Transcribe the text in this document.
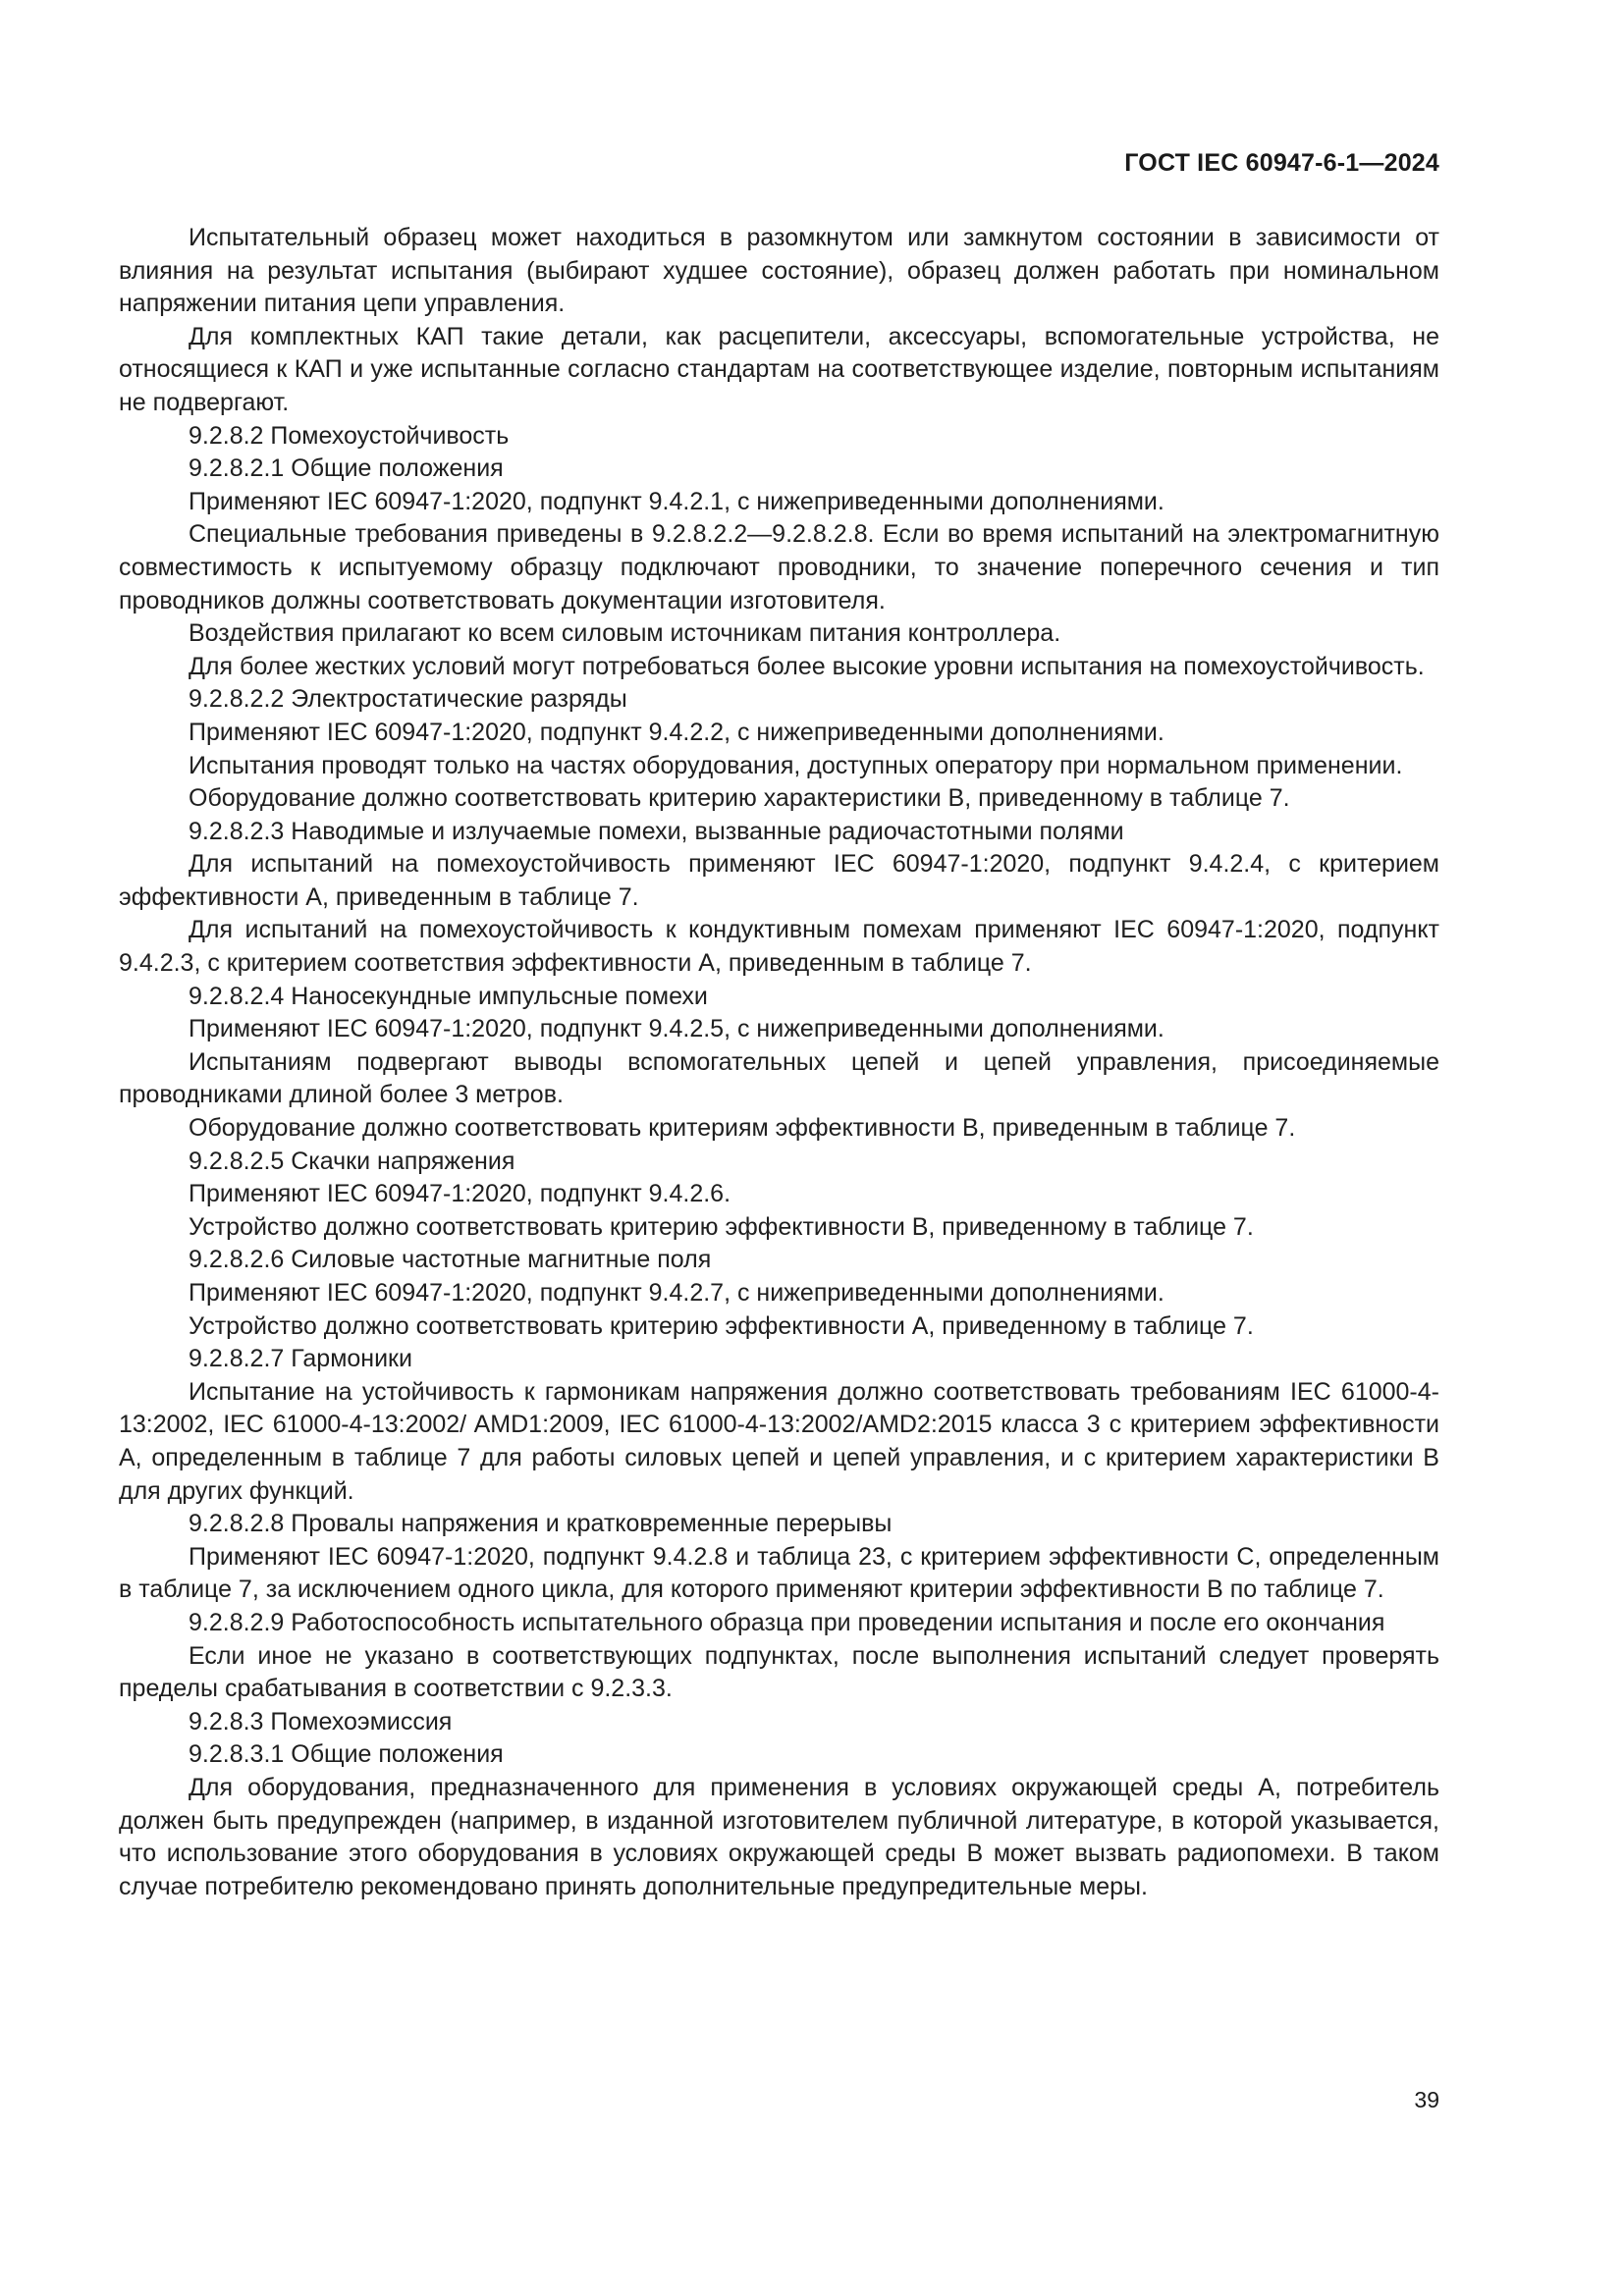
ГОСТ IEC 60947-6-1—2024

Испытательный образец может находиться в разомкнутом или замкнутом состоянии в зависимости от влияния на результат испытания (выбирают худшее состояние), образец должен работать при номинальном напряжении питания цепи управления.

Для комплектных КАП такие детали, как расцепители, аксессуары, вспомогательные устройства, не относящиеся к КАП и уже испытанные согласно стандартам на соответствующее изделие, повторным испытаниям не подвергают.

9.2.8.2 Помехоустойчивость

9.2.8.2.1 Общие положения

Применяют IEC 60947-1:2020, подпункт 9.4.2.1, с нижеприведенными дополнениями.

Специальные требования приведены в 9.2.8.2.2—9.2.8.2.8. Если во время испытаний на электромагнитную совместимость к испытуемому образцу подключают проводники, то значение поперечного сечения и тип проводников должны соответствовать документации изготовителя.

Воздействия прилагают ко всем силовым источникам питания контроллера.

Для более жестких условий могут потребоваться более высокие уровни испытания на помехоустойчивость.

9.2.8.2.2 Электростатические разряды

Применяют IEC 60947-1:2020, подпункт 9.4.2.2, с нижеприведенными дополнениями.

Испытания проводят только на частях оборудования, доступных оператору при нормальном применении.

Оборудование должно соответствовать критерию характеристики B, приведенному в таблице 7.

9.2.8.2.3 Наводимые и излучаемые помехи, вызванные радиочастотными полями

Для испытаний на помехоустойчивость применяют IEC 60947-1:2020, подпункт 9.4.2.4, с критерием эффективности А, приведенным в таблице 7.

Для испытаний на помехоустойчивость к кондуктивным помехам применяют IEC 60947-1:2020, подпункт 9.4.2.3, с критерием соответствия эффективности А, приведенным в таблице 7.

9.2.8.2.4 Наносекундные импульсные помехи

Применяют IEC 60947-1:2020, подпункт 9.4.2.5, с нижеприведенными дополнениями.

Испытаниям подвергают выводы вспомогательных цепей и цепей управления, присоединяемые проводниками длиной более 3 метров.

Оборудование должно соответствовать критериям эффективности B, приведенным в таблице 7.

9.2.8.2.5 Скачки напряжения

Применяют IEC 60947-1:2020, подпункт 9.4.2.6.

Устройство должно соответствовать критерию эффективности B, приведенному в таблице 7.

9.2.8.2.6 Силовые частотные магнитные поля

Применяют IEC 60947-1:2020, подпункт 9.4.2.7, с нижеприведенными дополнениями.

Устройство должно соответствовать критерию эффективности А, приведенному в таблице 7.

9.2.8.2.7 Гармоники

Испытание на устойчивость к гармоникам напряжения должно соответствовать требованиям IEC 61000-4-13:2002, IEC 61000-4-13:2002/ AMD1:2009, IEC 61000-4-13:2002/AMD2:2015 класса 3 с критерием эффективности А, определенным в таблице 7 для работы силовых цепей и цепей управления, и с критерием характеристики B для других функций.

9.2.8.2.8 Провалы напряжения и кратковременные перерывы

Применяют IEC 60947-1:2020, подпункт 9.4.2.8 и таблица 23, с критерием эффективности С, определенным в таблице 7, за исключением одного цикла, для которого применяют критерии эффективности B по таблице 7.

9.2.8.2.9 Работоспособность испытательного образца при проведении испытания и после его окончания

Если иное не указано в соответствующих подпунктах, после выполнения испытаний следует проверять пределы срабатывания в соответствии с 9.2.3.3.

9.2.8.3 Помехоэмиссия

9.2.8.3.1 Общие положения

Для оборудования, предназначенного для применения в условиях окружающей среды А, потребитель должен быть предупрежден (например, в изданной изготовителем публичной литературе, в которой указывается, что использование этого оборудования в условиях окружающей среды B может вызвать радиопомехи. В таком случае потребителю рекомендовано принять дополнительные предупредительные меры.

39
